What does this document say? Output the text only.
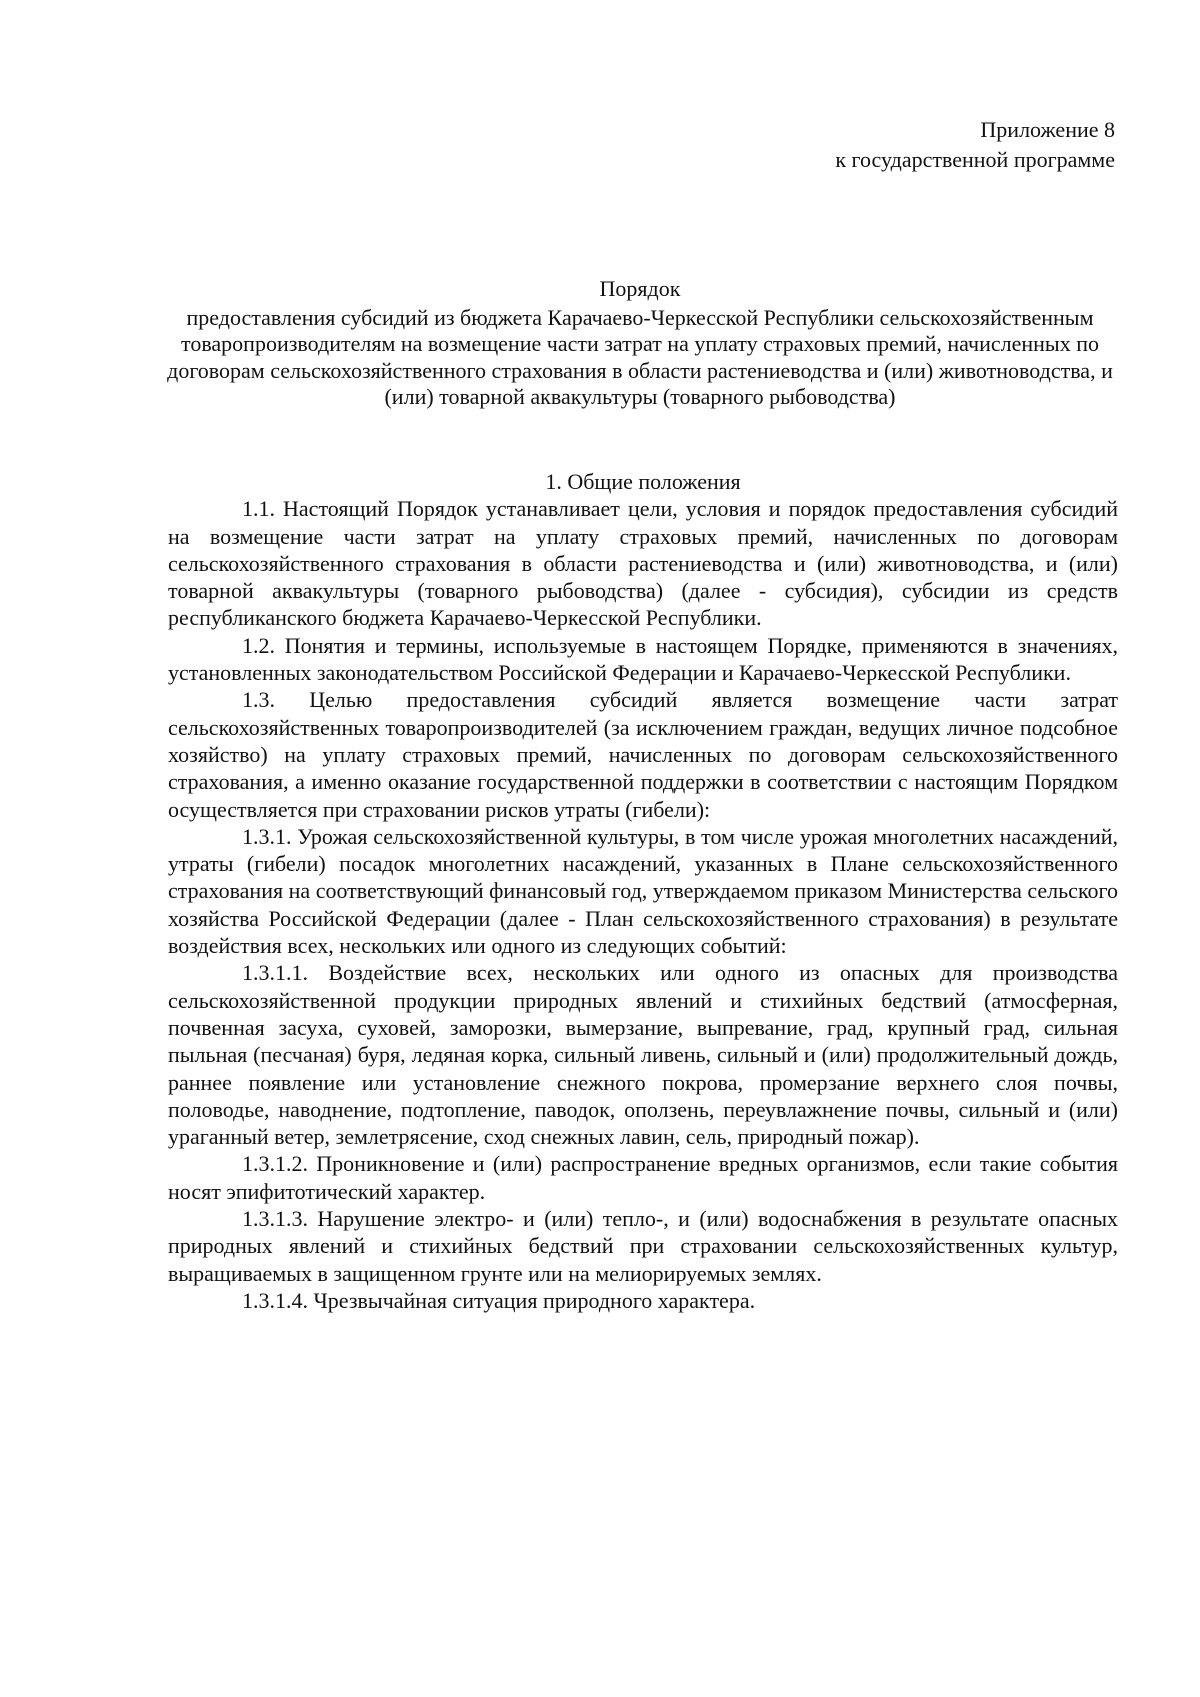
Приложение 8
к государственной программе
Порядок
предоставления субсидий из бюджета Карачаево-Черкесской Республики сельскохозяйственным товаропроизводителям на возмещение части затрат на уплату страховых премий, начисленных по договорам сельскохозяйственного страхования в области растениеводства и (или) животноводства, и (или) товарной аквакультуры (товарного рыбоводства)

1. Общие положения

1.1. Настоящий Порядок устанавливает цели, условия и порядок предоставления субсидий на возмещение части затрат на уплату страховых премий, начисленных по договорам сельскохозяйственного страхования в области растениеводства и (или) животноводства, и (или) товарной аквакультуры (товарного рыбоводства) (далее - субсидия), субсидии из средств республиканского бюджета Карачаево-Черкесской Республики.

1.2. Понятия и термины, используемые в настоящем Порядке, применяются в значениях, установленных законодательством Российской Федерации и Карачаево-Черкесской Республики.

1.3. Целью предоставления субсидий является возмещение части затрат сельскохозяйственных товаропроизводителей (за исключением граждан, ведущих личное подсобное хозяйство) на уплату страховых премий, начисленных по договорам сельскохозяйственного страхования, а именно оказание государственной поддержки в соответствии с настоящим Порядком осуществляется при страховании рисков утраты (гибели):

1.3.1. Урожая сельскохозяйственной культуры, в том числе урожая многолетних насаждений, утраты (гибели) посадок многолетних насаждений, указанных в Плане сельскохозяйственного страхования на соответствующий финансовый год, утверждаемом приказом Министерства сельского хозяйства Российской Федерации (далее - План сельскохозяйственного страхования) в результате воздействия всех, нескольких или одного из следующих событий:

1.3.1.1. Воздействие всех, нескольких или одного из опасных для производства сельскохозяйственной продукции природных явлений и стихийных бедствий (атмосферная, почвенная засуха, суховей, заморозки, вымерзание, выпревание, град, крупный град, сильная пыльная (песчаная) буря, ледяная корка, сильный ливень, сильный и (или) продолжительный дождь, раннее появление или установление снежного покрова, промерзание верхнего слоя почвы, половодье, наводнение, подтопление, паводок, оползень, переувлажнение почвы, сильный и (или) ураганный ветер, землетрясение, сход снежных лавин, сель, природный пожар).

1.3.1.2. Проникновение и (или) распространение вредных организмов, если такие события носят эпифитотический характер.

1.3.1.3. Нарушение электро- и (или) тепло-, и (или) водоснабжения в результате опасных природных явлений и стихийных бедствий при страховании сельскохозяйственных культур, выращиваемых в защищенном грунте или на мелиорируемых землях.

1.3.1.4. Чрезвычайная ситуация природного характера.
